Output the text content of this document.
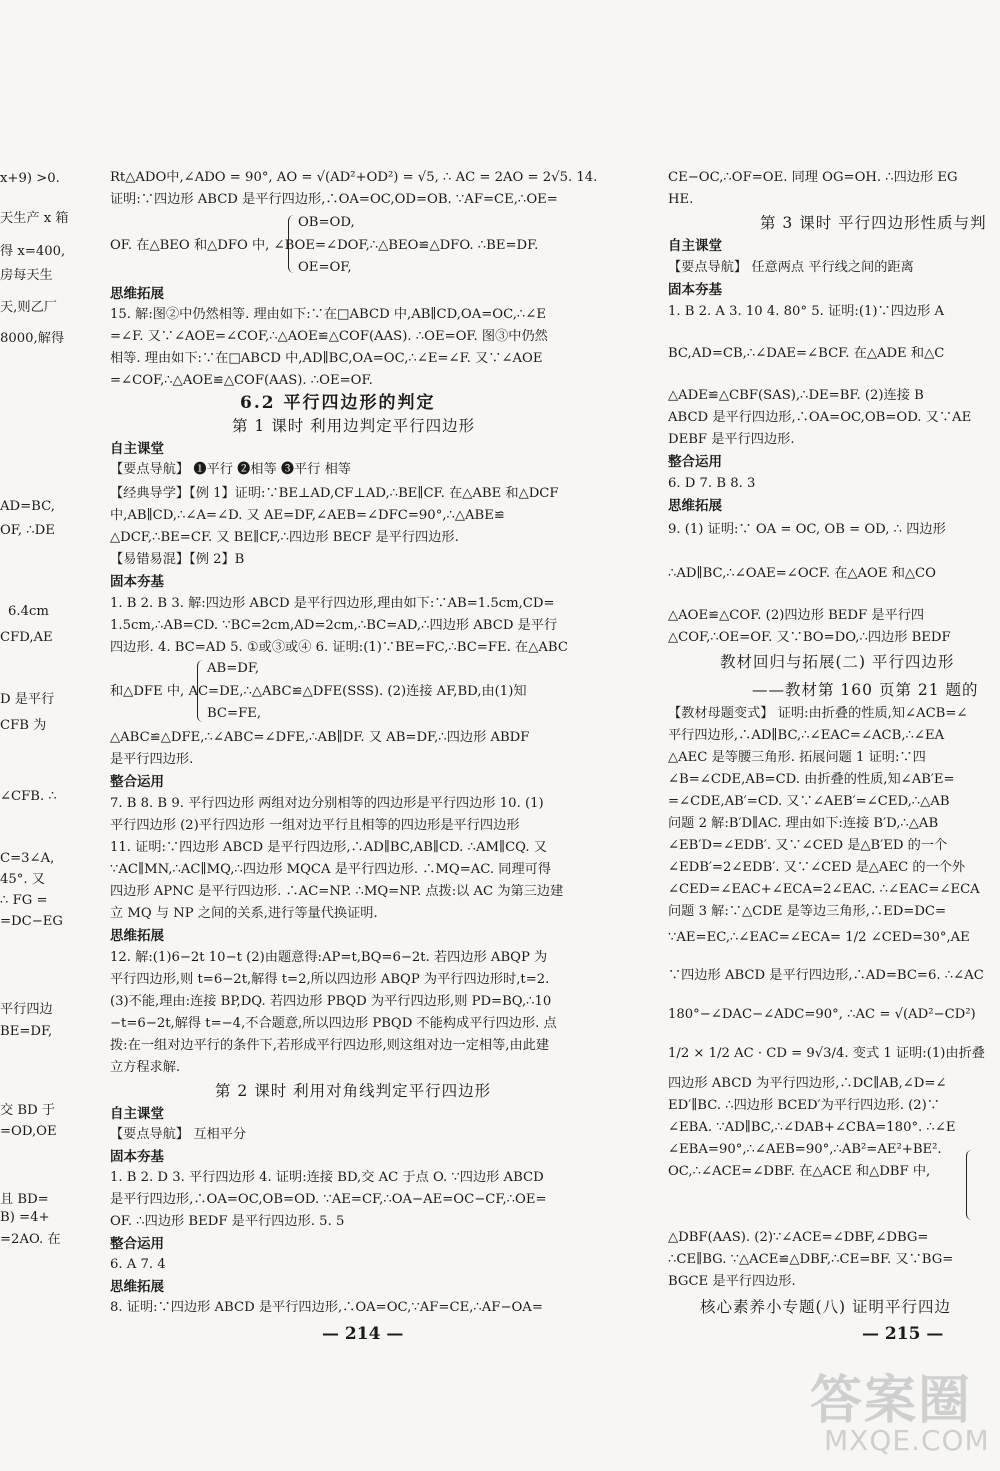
x+9) >0.
天生产 x 箱
得 x=400,
房每天生
天,则乙厂
8000,解得
AD=BC,
OF, ∴DE
6.4cm
CFD,AE
D 是平行
CFB 为
∠CFB. ∴
C=3∠A,
45°. 又
∴ FG =
=DC−EG
平行四边
BE=DF,
交 BD 于
=OD,OE
且 BD=
B) =4+
=2AO. 在
Rt△ADO中,∠ADO = 90°, AO = √(AD²+OD²) = √5, ∴ AC = 2AO = 2√5. 14.
证明:∵四边形 ABCD 是平行四边形,∴OA=OC,OD=OB. ∵AF=CE,∴OE=
OB=OD,
OF. 在△BEO 和△DFO 中, ∠BOE=∠DOF,∴△BEO≌△DFO. ∴BE=DF.
OE=OF,
思维拓展
15. 解:图②中仍然相等. 理由如下:∵在□ABCD 中,AB∥CD,OA=OC,∴∠E
=∠F. 又∵∠AOE=∠COF,∴△AOE≌△COF(AAS). ∴OE=OF. 图③中仍然
相等. 理由如下:∵在□ABCD 中,AD∥BC,OA=OC,∴∠E=∠F. 又∵∠AOE
=∠COF,∴△AOE≌△COF(AAS). ∴OE=OF.
6.2 平行四边形的判定
第 1 课时 利用边判定平行四边形
自主课堂
【要点导航】 ❶平行 ❷相等 ❸平行 相等
【经典导学】【例 1】证明:∵BE⊥AD,CF⊥AD,∴BE∥CF. 在△ABE 和△DCF
中,AB∥CD,∴∠A=∠D. 又 AE=DF,∠AEB=∠DFC=90°,∴△ABE≌
△DCF,∴BE=CF. 又 BE∥CF,∴四边形 BECF 是平行四边形.
【易错易混】【例 2】B
固本夯基
1. B 2. B 3. 解:四边形 ABCD 是平行四边形,理由如下:∵AB=1.5cm,CD=
1.5cm,∴AB=CD. ∵BC=2cm,AD=2cm,∴BC=AD,∴四边形 ABCD 是平行
四边形. 4. BC=AD 5. ①或③或④ 6. 证明:(1)∵BE=FC,∴BC=FE. 在△ABC
AB=DF,
和△DFE 中, AC=DE,∴△ABC≌△DFE(SSS). (2)连接 AF,BD,由(1)知
BC=FE,
△ABC≌△DFE,∴∠ABC=∠DFE,∴AB∥DF. 又 AB=DF,∴四边形 ABDF
是平行四边形.
整合运用
7. B 8. B 9. 平行四边形 两组对边分别相等的四边形是平行四边形 10. (1)
平行四边形 (2)平行四边形 一组对边平行且相等的四边形是平行四边形
11. 证明:∵四边形 ABCD 是平行四边形,∴AD∥BC,AB∥CD. ∴AM∥CQ. 又
∵AC∥MN,∴AC∥MQ,∴四边形 MQCA 是平行四边形. ∴MQ=AC. 同理可得
四边形 APNC 是平行四边形. ∴AC=NP. ∴MQ=NP. 点拨:以 AC 为第三边建
立 MQ 与 NP 之间的关系,进行等量代换证明.
思维拓展
12. 解:(1)6−2t 10−t (2)由题意得:AP=t,BQ=6−2t. 若四边形 ABQP 为
平行四边形,则 t=6−2t,解得 t=2,所以四边形 ABQP 为平行四边形时,t=2.
(3)不能,理由:连接 BP,DQ. 若四边形 PBQD 为平行四边形,则 PD=BQ,∴10
−t=6−2t,解得 t=−4,不合题意,所以四边形 PBQD 不能构成平行四边形. 点
拨:在一组对边平行的条件下,若形成平行四边形,则这组对边一定相等,由此建
立方程求解.
第 2 课时 利用对角线判定平行四边形
自主课堂
【要点导航】 互相平分
固本夯基
1. B 2. D 3. 平行四边形 4. 证明:连接 BD,交 AC 于点 O. ∵四边形 ABCD
是平行四边形,∴OA=OC,OB=OD. ∵AE=CF,∴OA−AE=OC−CF,∴OE=
OF. ∴四边形 BEDF 是平行四边形. 5. 5
整合运用
6. A 7. 4
思维拓展
8. 证明:∵四边形 ABCD 是平行四边形,∴OA=OC,∵AF=CE,∴AF−OA=
— 214 —
CE−OC,∴OF=OE. 同理 OG=OH. ∴四边形 EG
HE.
第 3 课时 平行四边形性质与判
自主课堂
【要点导航】 任意两点 平行线之间的距离
固本夯基
1. B 2. A 3. 10 4. 80° 5. 证明:(1)∵四边形 A
BC,AD=CB,∴∠DAE=∠BCF. 在△ADE 和△C
△ADE≌△CBF(SAS),∴DE=BF. (2)连接 B
ABCD 是平行四边形,∴OA=OC,OB=OD. 又∵AE
DEBF 是平行四边形.
整合运用
6. D 7. B 8. 3
思维拓展
9. (1) 证明:∵ OA = OC, OB = OD, ∴ 四边形
∴AD∥BC,∴∠OAE=∠OCF. 在△AOE 和△CO
△AOE≌△COF. (2)四边形 BEDF 是平行四
△COF,∴OE=OF. 又∵BO=DO,∴四边形 BEDF
教材回归与拓展(二) 平行四边形
——教材第 160 页第 21 题的
【教材母题变式】 证明:由折叠的性质,知∠ACB=∠
平行四边形,∴AD∥BC,∴∠EAC=∠ACB,∴∠EA
△AEC 是等腰三角形. 拓展问题 1 证明:∵四
∠B=∠CDE,AB=CD. 由折叠的性质,知∠AB′E=
=∠CDE,AB′=CD. 又∵∠AEB′=∠CED,∴△AB
问题 2 解:B′D∥AC. 理由如下:连接 B′D,∴△AB
∠EB′D=∠EDB′. 又∵∠CED 是△B′ED 的一个
∠EDB′=2∠EDB′. 又∵∠CED 是△AEC 的一个外
∠CED=∠EAC+∠ECA=2∠EAC. ∴∠EAC=∠ECA
问题 3 解:∵△CDE 是等边三角形,∴ED=DC=
∵AE=EC,∴∠EAC=∠ECA= 1/2 ∠CED=30°,AE
∵四边形 ABCD 是平行四边形,∴AD=BC=6. ∴∠AC
180°−∠DAC−∠ADC=90°, ∴AC = √(AD²−CD²)
1/2 × 1/2 AC · CD = 9√3/4. 变式 1 证明:(1)由折叠
四边形 ABCD 为平行四边形,∴DC∥AB,∠D=∠
ED′∥BC. ∴四边形 BCED′为平行四边形. (2)∵
∠EBA. ∵AD∥BC,∴∠DAB+∠CBA=180°. ∴∠E
∠EBA=90°,∴∠AEB=90°,∴AB²=AE²+BE².
OC,∴∠ACE=∠DBF. 在△ACE 和△DBF 中,
△DBF(AAS). (2)∵∠ACE=∠DBF,∠DBG=
∴CE∥BG. ∵△ACE≌△DBF,∴CE=BF. 又∵BG=
BGCE 是平行四边形.
核心素养小专题(八) 证明平行四边
— 215 —
答案圈
MXQE.COM
